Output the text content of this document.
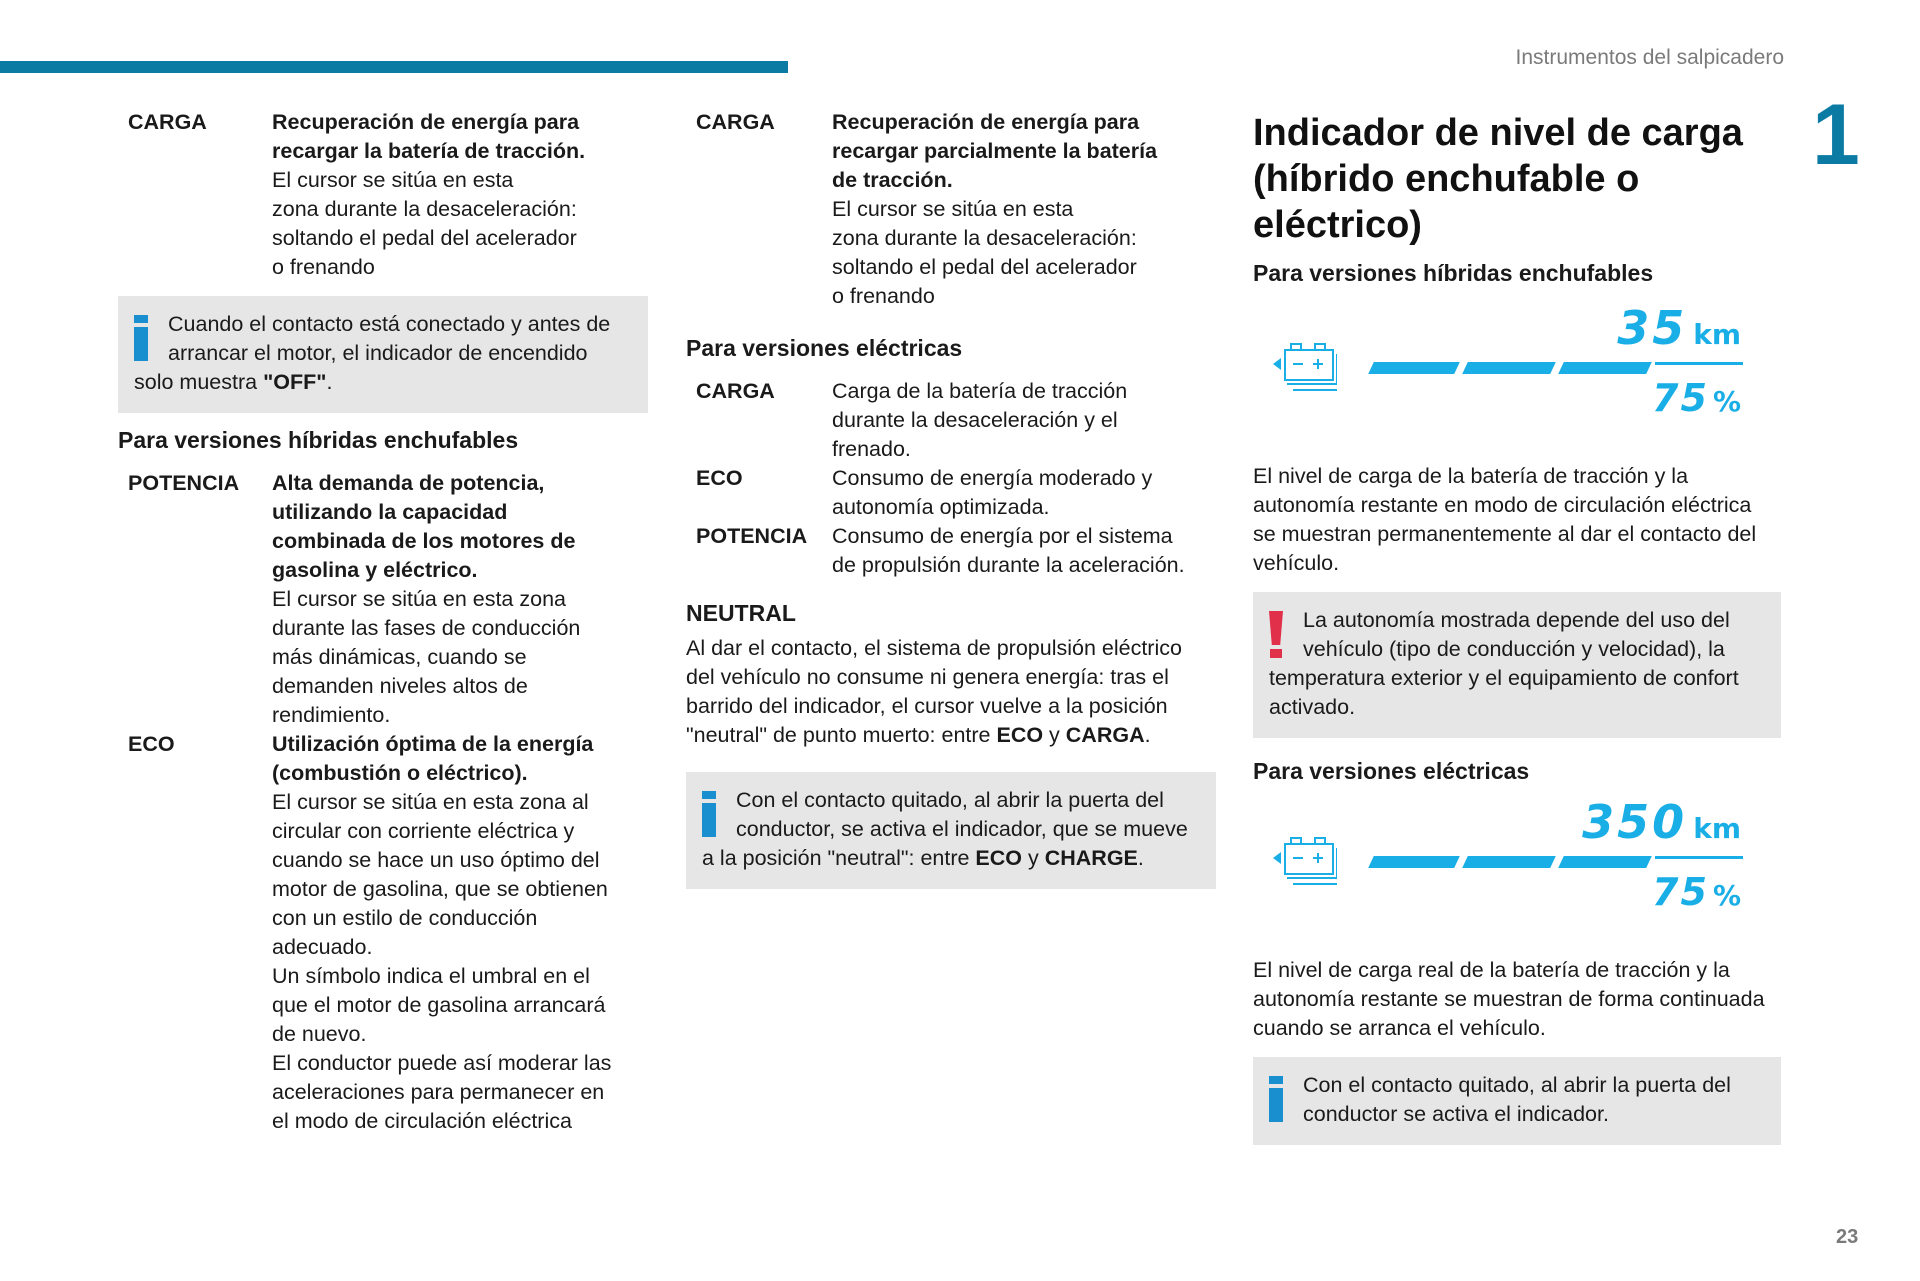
Instrumentos del salpicadero
1
23
CARGA	Recuperación de energía para recargar la batería de tracción.
El cursor se sitúa en esta
zona durante la desaceleración:
soltando el pedal del acelerador
o frenando
Cuando el contacto está conectado y antes de arrancar el motor, el indicador de encendido solo muestra "OFF".
Para versiones híbridas enchufables
POTENCIA	Alta demanda de potencia, utilizando la capacidad combinada de los motores de gasolina y eléctrico.
El cursor se sitúa en esta zona durante las fases de conducción más dinámicas, cuando se demanden niveles altos de rendimiento.
ECO	Utilización óptima de la energía (combustión o eléctrico).
El cursor se sitúa en esta zona al circular con corriente eléctrica y cuando se hace un uso óptimo del motor de gasolina, que se obtienen con un estilo de conducción adecuado.
Un símbolo indica el umbral en el que el motor de gasolina arrancará de nuevo.
El conductor puede así moderar las aceleraciones para permanecer en el modo de circulación eléctrica
CARGA	Recuperación de energía para recargar parcialmente la batería de tracción.
El cursor se sitúa en esta
zona durante la desaceleración:
soltando el pedal del acelerador
o frenando
Para versiones eléctricas
CARGA	Carga de la batería de tracción durante la desaceleración y el frenado.
ECO	Consumo de energía moderado y autonomía optimizada.
POTENCIA	Consumo de energía por el sistema de propulsión durante la aceleración.
NEUTRAL
Al dar el contacto, el sistema de propulsión eléctrico del vehículo no consume ni genera energía: tras el barrido del indicador, el cursor vuelve a la posición "neutral" de punto muerto: entre ECO y CARGA.
Con el contacto quitado, al abrir la puerta del conductor, se activa el indicador, que se mueve a la posición "neutral": entre ECO y CHARGE.
Indicador de nivel de carga (híbrido enchufable o eléctrico)
Para versiones híbridas enchufables
35 km
75 %
El nivel de carga de la batería de tracción y la autonomía restante en modo de circulación eléctrica se muestran permanentemente al dar el contacto del vehículo.
La autonomía mostrada depende del uso del vehículo (tipo de conducción y velocidad), la temperatura exterior y el equipamiento de confort activado.
Para versiones eléctricas
350 km
75 %
El nivel de carga real de la batería de tracción y la autonomía restante se muestran de forma continuada cuando se arranca el vehículo.
Con el contacto quitado, al abrir la puerta del conductor se activa el indicador.
